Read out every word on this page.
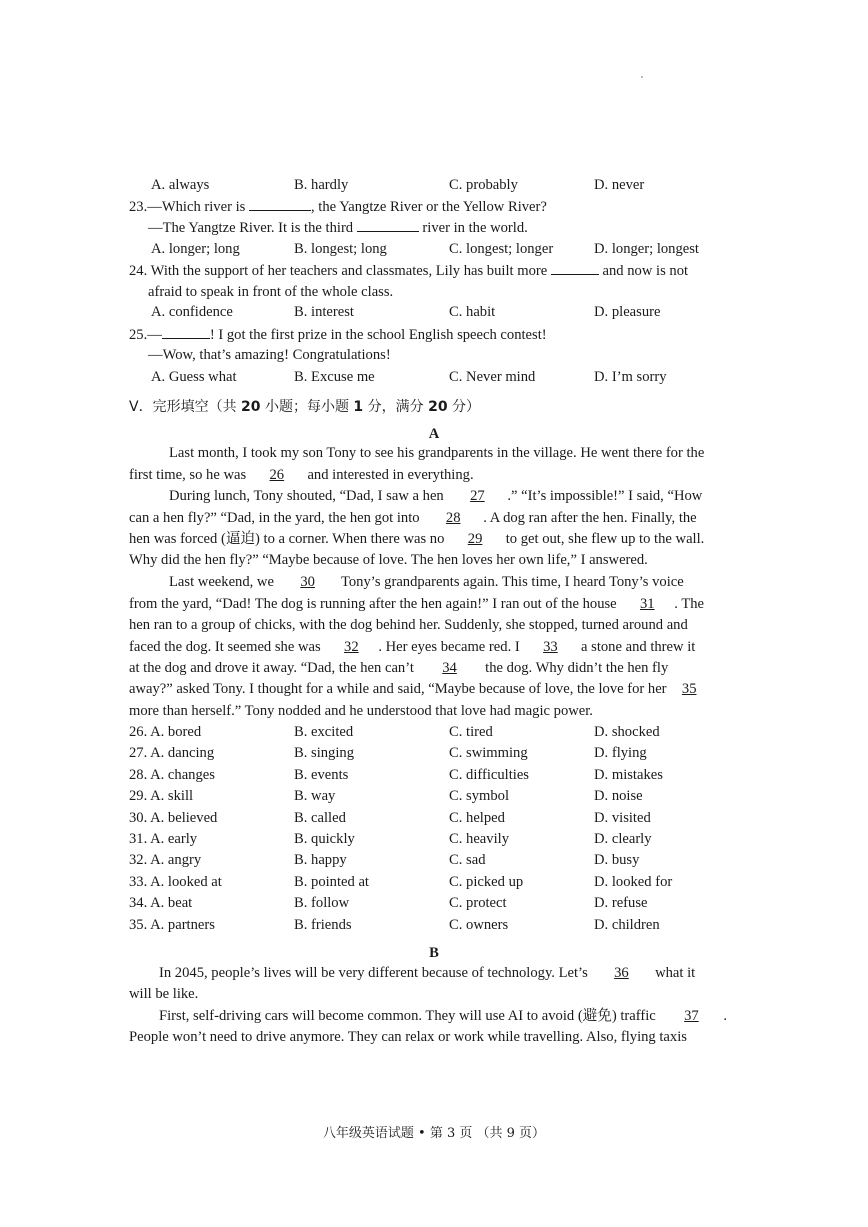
A. always	B. hardly	C. probably	D. never
23.—Which river is	, the Yangtze River or the Yellow River?
—The Yangtze River. It is the third	river in the world.
A. longer; long	B. longest; long	C. longest; longer	D. longer; longest
24. With the support of her teachers and classmates, Lily has built more	and now is not
afraid to speak in front of the whole class.
A. confidence	B. interest	C. habit	D. pleasure
25.—	! I got the first prize in the school English speech contest!
—Wow, that’s amazing! Congratulations!
A. Guess what	B. Excuse me	C. Never mind	D. I’m sorry
V．完形填空（共 20 小题；每小题 1 分，满分 20 分）
A
Last month, I took my son Tony to see his grandparents in the village. He went there for the
first time, so he was 26 and interested in everything.
During lunch, Tony shouted, “Dad, I saw a hen 27 .” “It’s impossible!” I said, “How
can a hen fly?” “Dad, in the yard, the hen got into 28 . A dog ran after the hen. Finally, the
hen was forced (逼迫) to a corner. When there was no 29 to get out, she flew up to the wall.
Why did the hen fly?” “Maybe because of love. The hen loves her own life,” I answered.
Last weekend, we 30 Tony’s grandparents again. This time, I heard Tony’s voice
from the yard, “Dad! The dog is running after the hen again!” I ran out of the house 31 . The
hen ran to a group of chicks, with the dog behind her. Suddenly, she stopped, turned around and
faced the dog. It seemed she was 32 . Her eyes became red. I 33 a stone and threw it
at the dog and drove it away. “Dad, the hen can’t 34 the dog. Why didn’t the hen fly
away?” asked Tony. I thought for a while and said, “Maybe because of love, the love for her 35
more than herself.” Tony nodded and he understood that love had magic power.
26. A. bored	B. excited	C. tired	D. shocked
27. A. dancing	B. singing	C. swimming	D. flying
28. A. changes	B. events	C. difficulties	D. mistakes
29. A. skill	B. way	C. symbol	D. noise
30. A. believed	B. called	C. helped	D. visited
31. A. early	B. quickly	C. heavily	D. clearly
32. A. angry	B. happy	C. sad	D. busy
33. A. looked at	B. pointed at	C. picked up	D. looked for
34. A. beat	B. follow	C. protect	D. refuse
35. A. partners	B. friends	C. owners	D. children
B
In 2045, people’s lives will be very different because of technology. Let’s 36 what it
will be like.
First, self-driving cars will become common. They will use AI to avoid (避免) traffic 37 .
People won’t need to drive anymore. They can relax or work while travelling. Also, flying taxis
八年级英语试题 • 第 3 页 （共 9 页）
